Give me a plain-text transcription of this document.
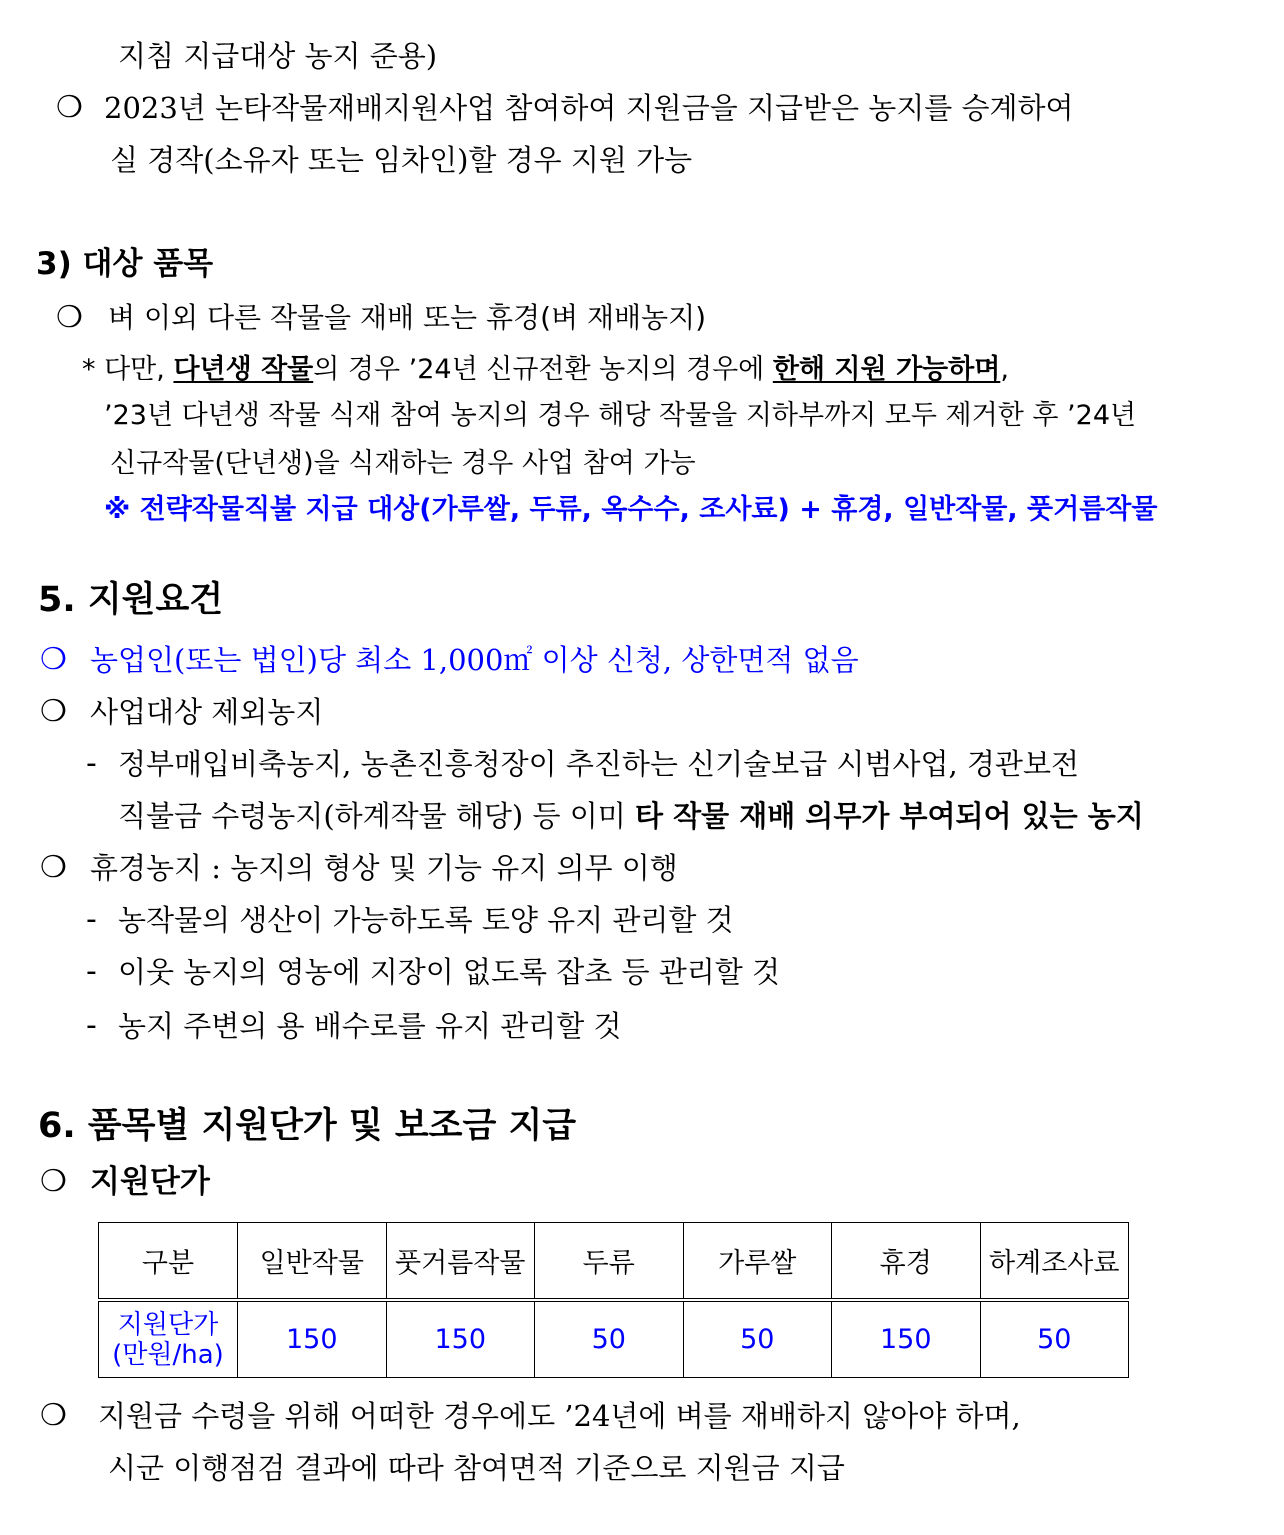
지침 지급대상 농지 준용)
❍ 2023년 논타작물재배지원사업 참여하여 지원금을 지급받은 농지를 승계하여
실 경작(소유자 또는 임차인)할 경우 지원 가능
3) 대상 품목
❍ 벼 이외 다른 작물을 재배 또는 휴경(벼 재배농지)
* 다만, 다년생 작물의 경우 ’24년 신규전환 농지의 경우에 한해 지원 가능하며,
’23년 다년생 작물 식재 참여 농지의 경우 해당 작물을 지하부까지 모두 제거한 후 ’24년
신규작물(단년생)을 식재하는 경우 사업 참여 가능
※ 전략작물직불 지급 대상(가루쌀, 두류, 옥수수, 조사료) + 휴경, 일반작물, 풋거름작물
5. 지원요건
❍ 농업인(또는 법인)당 최소 1,000㎡ 이상 신청, 상한면적 없음
❍ 사업대상 제외농지
- 정부매입비축농지, 농촌진흥청장이 추진하는 신기술보급 시범사업, 경관보전
직불금 수령농지(하계작물 해당) 등 이미 타 작물 재배 의무가 부여되어 있는 농지
❍ 휴경농지 : 농지의 형상 및 기능 유지 의무 이행
- 농작물의 생산이 가능하도록 토양 유지 관리할 것
- 이웃 농지의 영농에 지장이 없도록 잡초 등 관리할 것
- 농지 주변의 용 배수로를 유지 관리할 것
6. 품목별 지원단가 및 보조금 지급
❍ 지원단가
구분	일반작물	풋거름작물	두류	가루쌀	휴경	하계조사료

지원단가
(만원/ha)	150	150	50	50	150	50
❍ 지원금 수령을 위해 어떠한 경우에도 ’24년에 벼를 재배하지 않아야 하며,
시군 이행점검 결과에 따라 참여면적 기준으로 지원금 지급
